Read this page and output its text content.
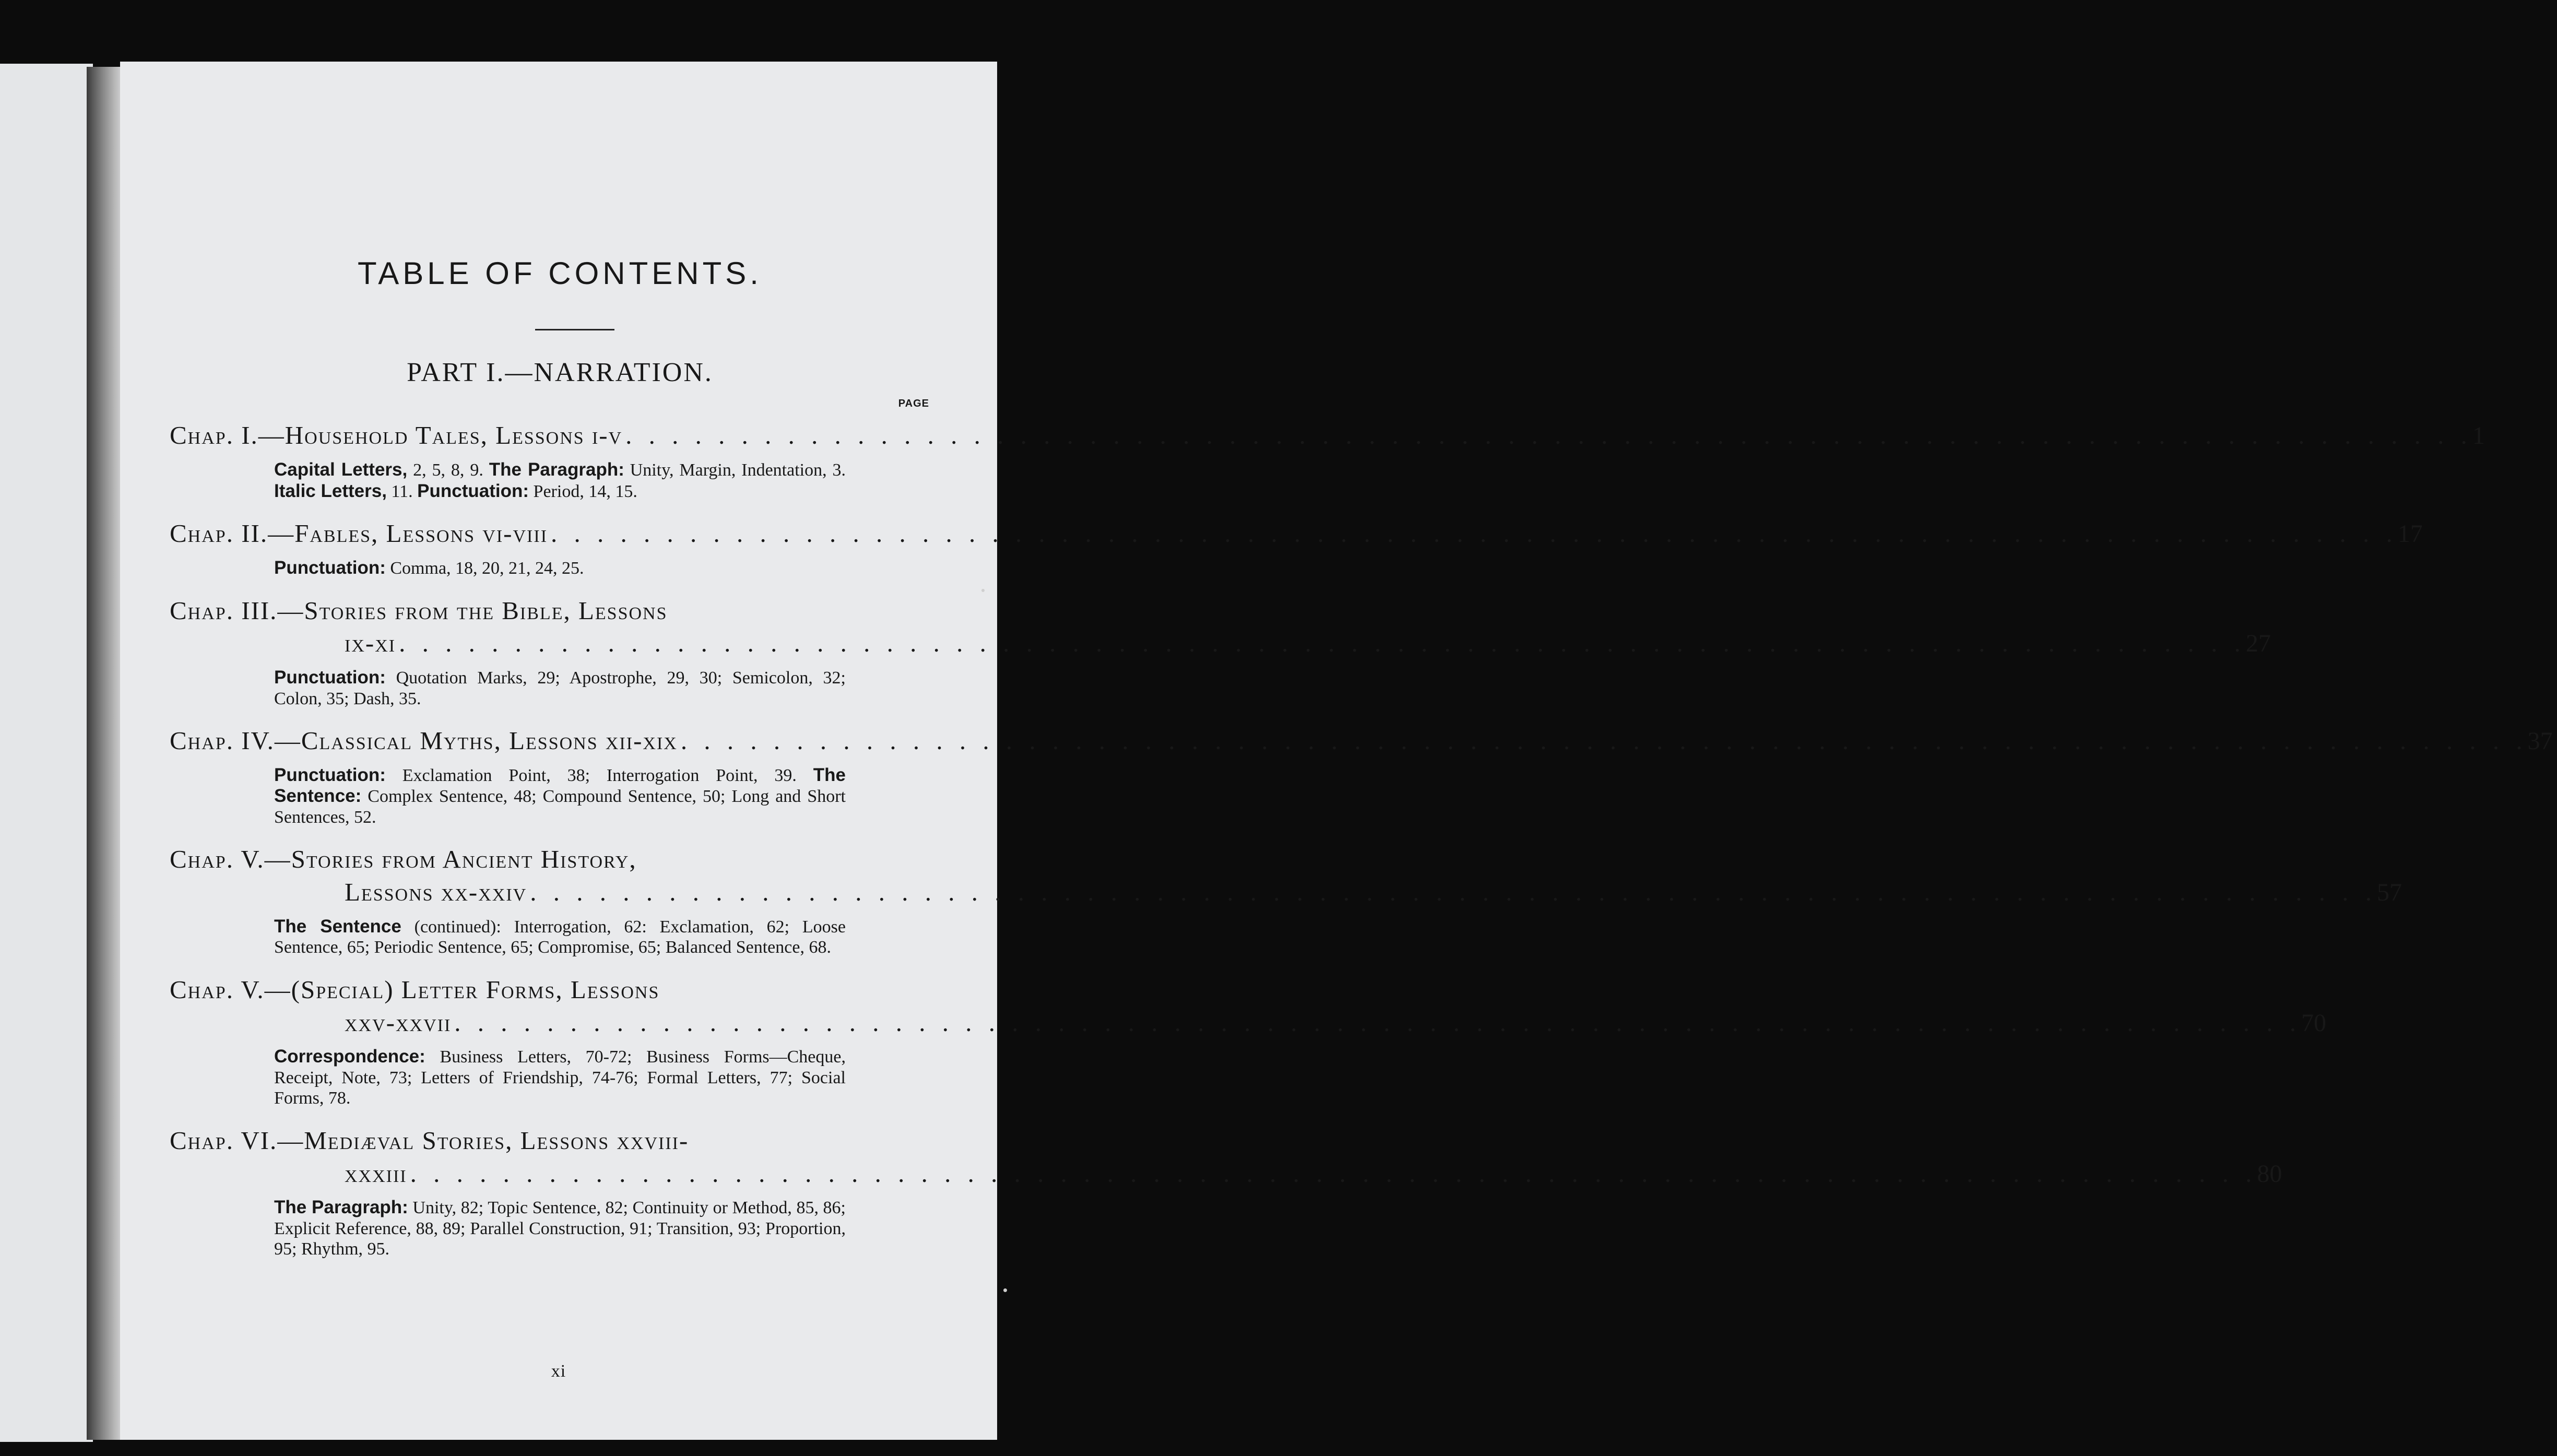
TABLE OF CONTENTS.
PART I.—NARRATION.
PAGE
Chap. I.—Household Tales, Lessons i-v . . . . . . . . . . . . . . . . . . . . . . . . . . . . . . . . . . . . . . . . . . . . . . . . . . . . . . . . . . . . . . . . . . . . . . . . . . . . . . . . 1
Capital Letters, 2, 5, 8, 9. The Paragraph: Unity, Margin, Indentation, 3. Italic Letters, 11. Punctuation: Period, 14, 15.
Chap. II.—Fables, Lessons vi-viii . . . . . . . . . . . . . . . . . . . . . . . . . . . . . . . . . . . . . . . . . . . . . . . . . . . . . . . . . . . . . . . . . . . . . . . . . . . . . . . . 17
Punctuation: Comma, 18, 20, 21, 24, 25.
Chap. III.—Stories from the Bible, Lessons
ix-xi . . . . . . . . . . . . . . . . . . . . . . . . . . . . . . . . . . . . . . . . . . . . . . . . . . . . . . . . . . . . . . . . . . . . . . . . . . . . . . . . 27
Punctuation: Quotation Marks, 29; Apostrophe, 29, 30; Semicolon, 32; Colon, 35; Dash, 35.
Chap. IV.—Classical Myths, Lessons xii-xix . . . . . . . . . . . . . . . . . . . . . . . . . . . . . . . . . . . . . . . . . . . . . . . . . . . . . . . . . . . . . . . . . . . . . . . . . . . . . . . . 37
Punctuation: Exclamation Point, 38; Interrogation Point, 39. The Sentence: Complex Sentence, 48; Compound Sentence, 50; Long and Short Sentences, 52.
Chap. V.—Stories from Ancient History,
Lessons xx-xxiv . . . . . . . . . . . . . . . . . . . . . . . . . . . . . . . . . . . . . . . . . . . . . . . . . . . . . . . . . . . . . . . . . . . . . . . . . . . . . . . . 57
The Sentence (continued): Interrogation, 62: Exclamation, 62; Loose Sentence, 65; Periodic Sentence, 65; Compromise, 65; Balanced Sentence, 68.
Chap. V.—(Special) Letter Forms, Lessons
xxv-xxvii . . . . . . . . . . . . . . . . . . . . . . . . . . . . . . . . . . . . . . . . . . . . . . . . . . . . . . . . . . . . . . . . . . . . . . . . . . . . . . . . 70
Correspondence: Business Letters, 70-72; Business Forms—Cheque, Receipt, Note, 73; Letters of Friendship, 74-76; Formal Letters, 77; Social Forms, 78.
Chap. VI.—Mediæval Stories, Lessons xxviii-
xxxiii . . . . . . . . . . . . . . . . . . . . . . . . . . . . . . . . . . . . . . . . . . . . . . . . . . . . . . . . . . . . . . . . . . . . . . . . . . . . . . . . 80
The Paragraph: Unity, 82; Topic Sentence, 82; Continuity or Method, 85, 86; Explicit Reference, 88, 89; Parallel Construction, 91; Transition, 93; Proportion, 95; Rhythm, 95.
xi
